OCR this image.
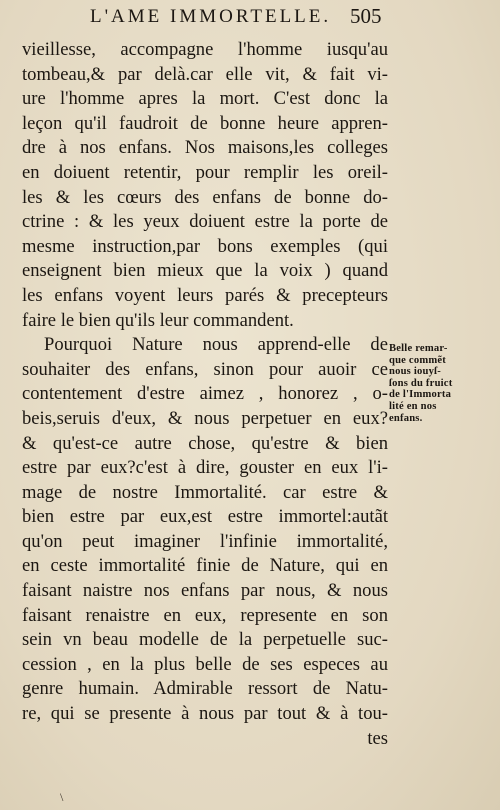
L'AME IMMORTELLE. 505
vieillesse, accompagne l'homme iusqu'au
tombeau,& par delà.car elle vit, & fait vi-
ure l'homme apres la mort. C'est donc la
leçon qu'il faudroit de bonne heure appren-
dre à nos enfans. Nos maisons,les colleges
en doiuent retentir, pour remplir les oreil-
les & les cœurs des enfans de bonne do-
ctrine : & les yeux doiuent estre la porte de
mesme instruction,par bons exemples (qui
enseignent bien mieux que la voix ) quand
les enfans voyent leurs parés & precepteurs
faire le bien qu'ils leur commandent.
Pourquoi Nature nous apprend-elle de
souhaiter des enfans, sinon pour auoir ce
contentement d'estre aimez , honorez , o-
beis,seruis d'eux, & nous perpetuer en eux?
& qu'est-ce autre chose, qu'estre & bien
estre par eux?c'est à dire, gouster en eux l'i-
mage de nostre Immortalité. car estre &
bien estre par eux,est estre immortel:autãt
qu'on peut imaginer l'infinie immortalité,
en ceste immortalité finie de Nature, qui en
faisant naistre nos enfans par nous, & nous
faisant renaistre en eux, represente en son
sein vn beau modelle de la perpetuelle suc-
cession , en la plus belle de ses especes au
genre humain. Admirable ressort de Natu-
re, qui se presente à nous par tout & à tou-
tes
Belle remar-
que commẽt
nous iouyſ-
ſons du fruict
de l'Immorta
lité en nos
enfans.
\
